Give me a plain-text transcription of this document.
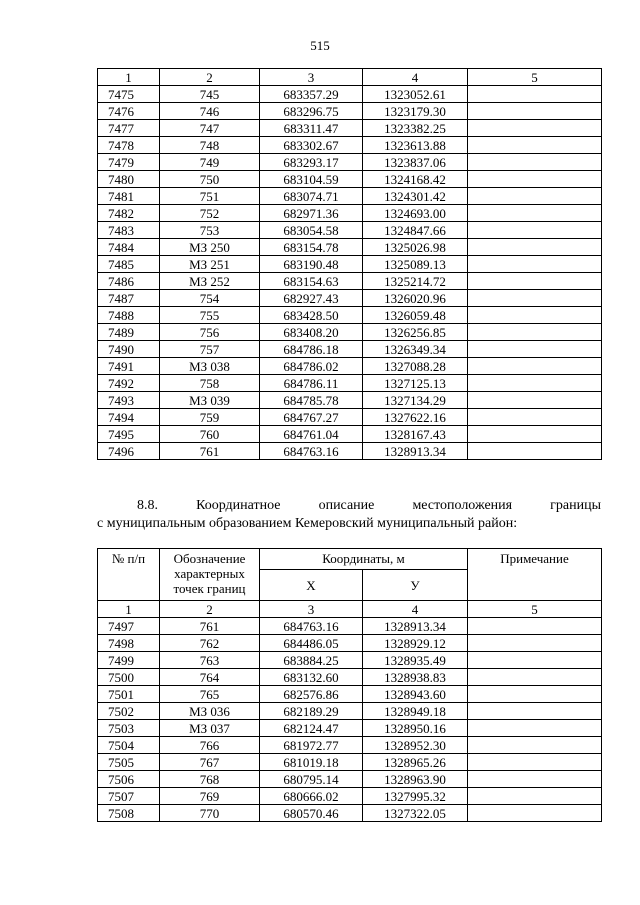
515
1	2	3	4	5
7475	745	683357.29	1323052.61	
7476	746	683296.75	1323179.30	
7477	747	683311.47	1323382.25	
7478	748	683302.67	1323613.88	
7479	749	683293.17	1323837.06	
7480	750	683104.59	1324168.42	
7481	751	683074.71	1324301.42	
7482	752	682971.36	1324693.00	
7483	753	683054.58	1324847.66	
7484	МЗ 250	683154.78	1325026.98	
7485	МЗ 251	683190.48	1325089.13	
7486	МЗ 252	683154.63	1325214.72	
7487	754	682927.43	1326020.96	
7488	755	683428.50	1326059.48	
7489	756	683408.20	1326256.85	
7490	757	684786.18	1326349.34	
7491	МЗ 038	684786.02	1327088.28	
7492	758	684786.11	1327125.13	
7493	МЗ 039	684785.78	1327134.29	
7494	759	684767.27	1327622.16	
7495	760	684761.04	1328167.43	
7496	761	684763.16	1328913.34	
8.8. Координатное описание местоположения границы
с муниципальным образованием Кемеровский муниципальный район:
№ п/п	Обозначение характерных точек границ	Координаты, м		Примечание
		X	У	
1	2	3	4	5
7497	761	684763.16	1328913.34	
7498	762	684486.05	1328929.12	
7499	763	683884.25	1328935.49	
7500	764	683132.60	1328938.83	
7501	765	682576.86	1328943.60	
7502	МЗ 036	682189.29	1328949.18	
7503	МЗ 037	682124.47	1328950.16	
7504	766	681972.77	1328952.30	
7505	767	681019.18	1328965.26	
7506	768	680795.14	1328963.90	
7507	769	680666.02	1327995.32	
7508	770	680570.46	1327322.05	
